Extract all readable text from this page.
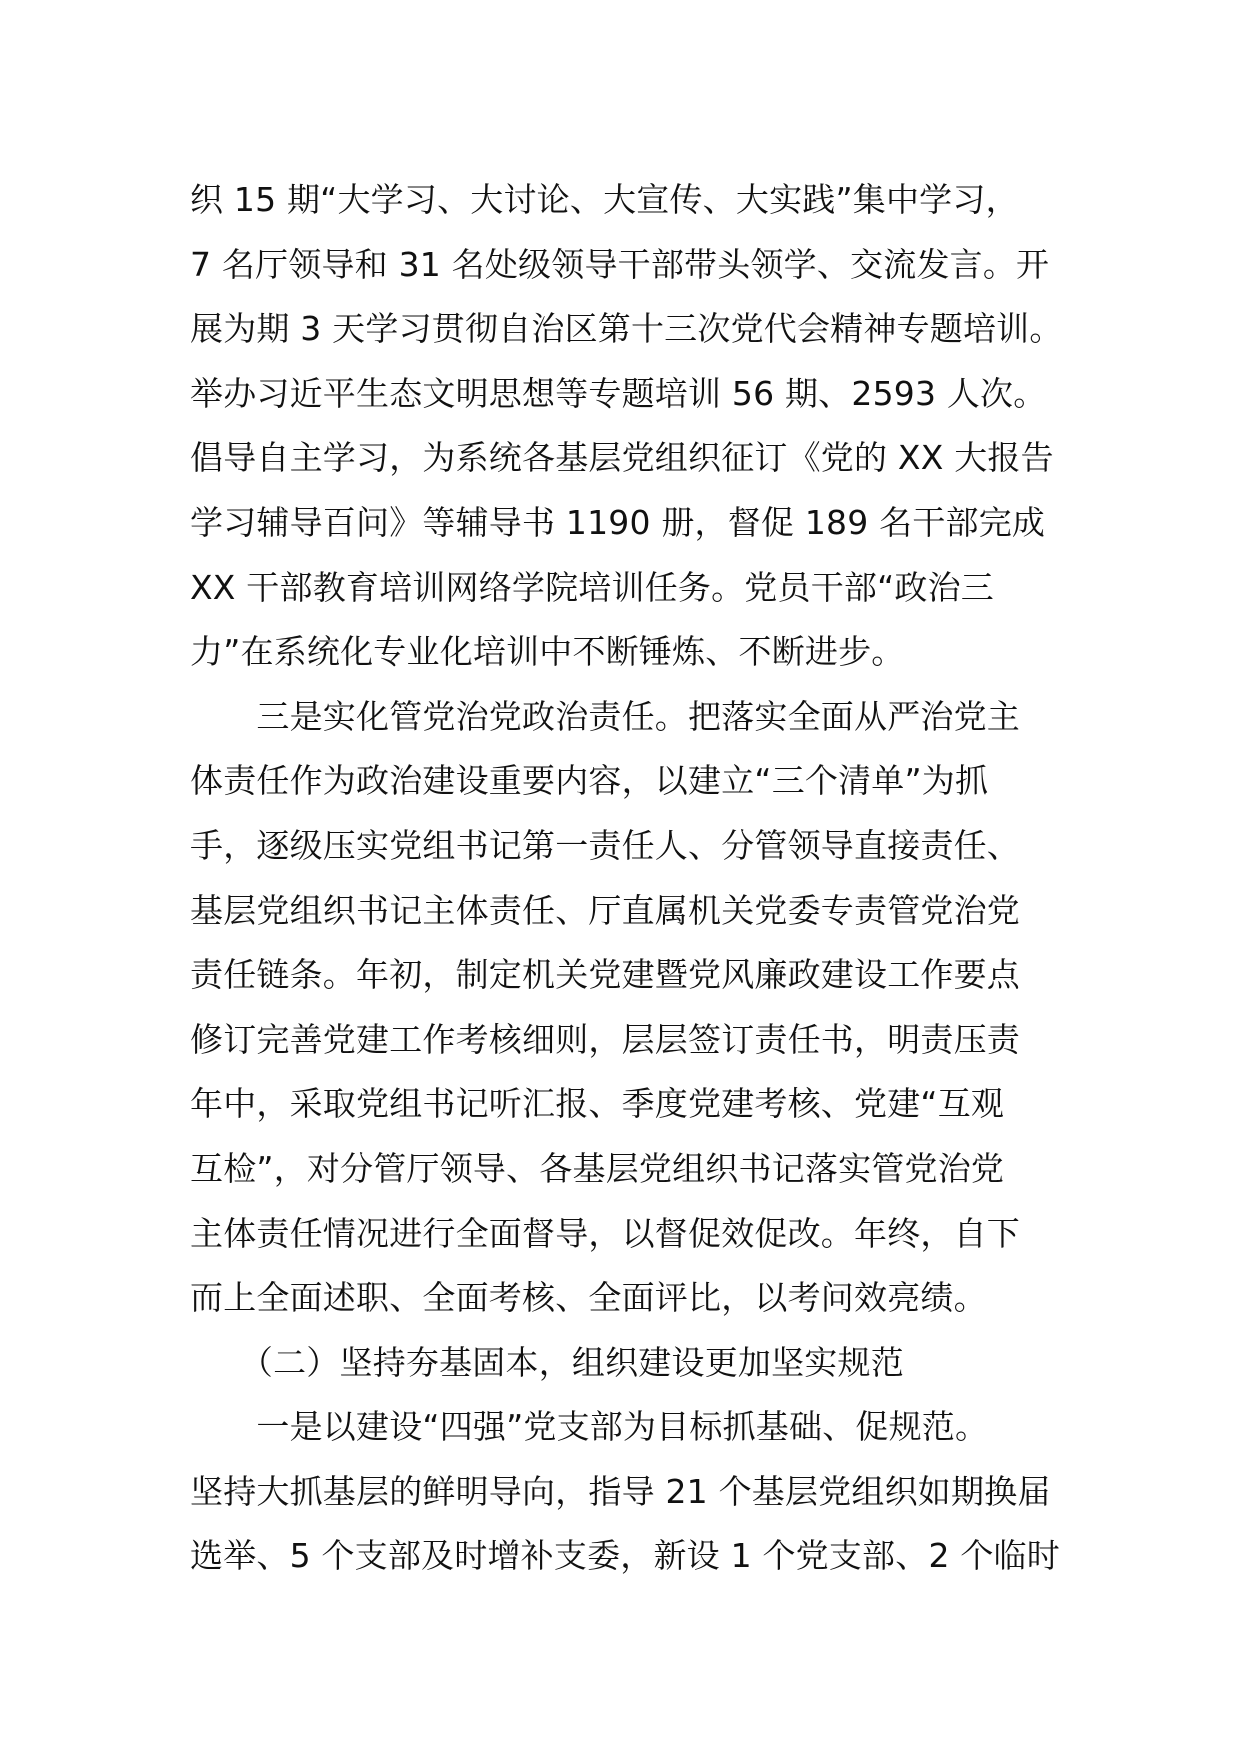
织 15 期“大学习、大讨论、大宣传、大实践”集中学习，
7 名厅领导和 31 名处级领导干部带头领学、交流发言。开
展为期 3 天学习贯彻自治区第十三次党代会精神专题培训。
举办习近平生态文明思想等专题培训 56 期、2593 人次。
倡导自主学习，为系统各基层党组织征订《党的 XX 大报告
学习辅导百问》等辅导书 1190 册，督促 189 名干部完成
XX 干部教育培训网络学院培训任务。党员干部“政治三
力”在系统化专业化培训中不断锤炼、不断进步。
　　三是实化管党治党政治责任。把落实全面从严治党主
体责任作为政治建设重要内容，以建立“三个清单”为抓
手，逐级压实党组书记第一责任人、分管领导直接责任、
基层党组织书记主体责任、厅直属机关党委专责管党治党
责任链条。年初，制定机关党建暨党风廉政建设工作要点
修订完善党建工作考核细则，层层签订责任书，明责压责
年中，采取党组书记听汇报、季度党建考核、党建“互观
互检”，对分管厅领导、各基层党组织书记落实管党治党
主体责任情况进行全面督导，以督促效促改。年终，自下
而上全面述职、全面考核、全面评比，以考问效亮绩。
　　（二）坚持夯基固本，组织建设更加坚实规范
　　一是以建设“四强”党支部为目标抓基础、促规范。
坚持大抓基层的鲜明导向，指导 21 个基层党组织如期换届
选举、5 个支部及时增补支委，新设 1 个党支部、2 个临时
